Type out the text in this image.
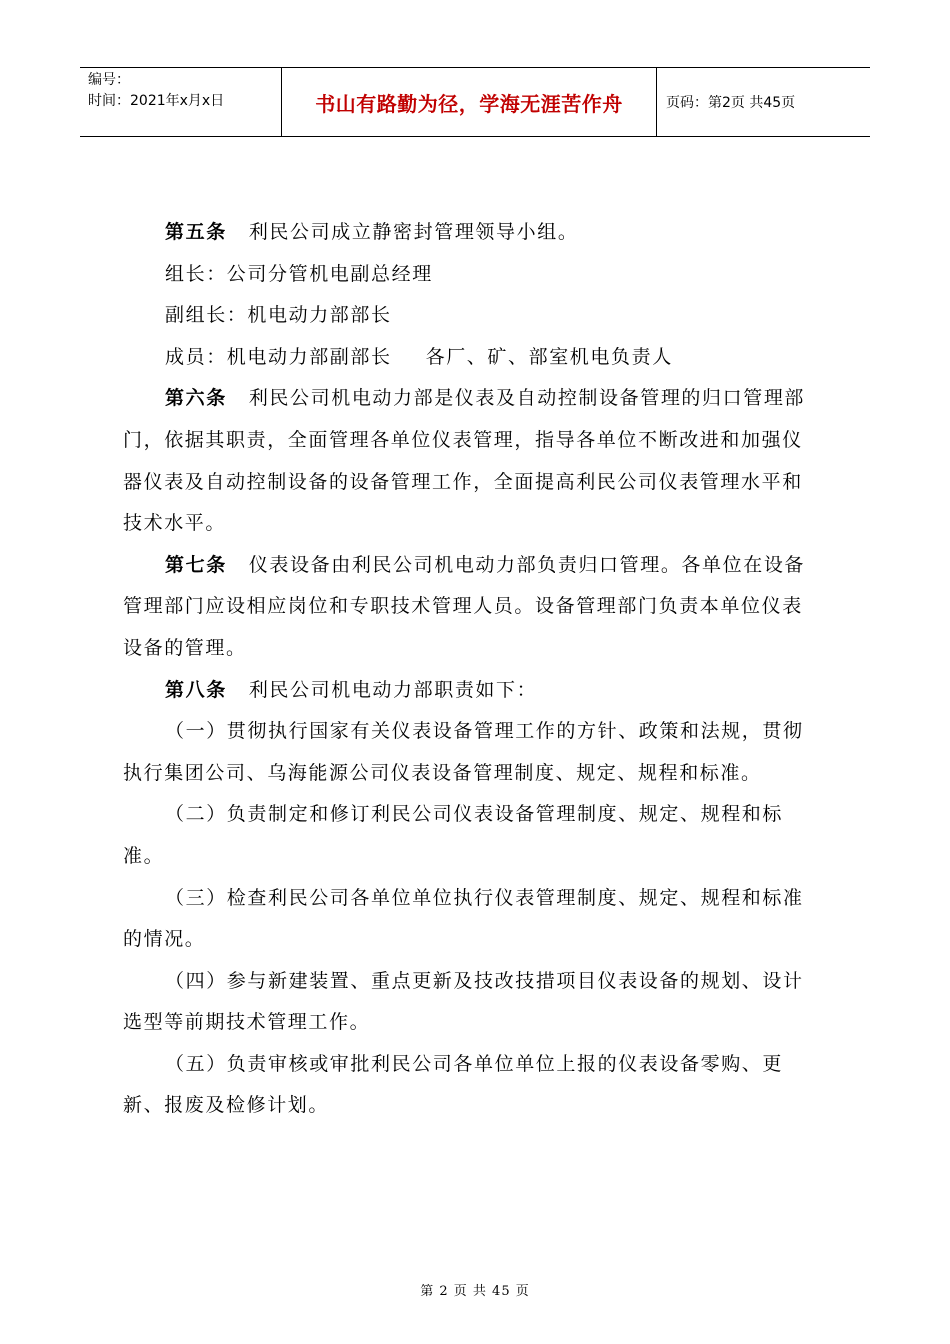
编号：
时间：2021年x月x日	书山有路勤为径，学海无涯苦作舟	页码：第2页 共45页

第五条 利民公司成立静密封管理领导小组。

组长：公司分管机电副总经理

副组长：机电动力部部长

成员：机电动力部副部长 各厂、矿、部室机电负责人

第六条 利民公司机电动力部是仪表及自动控制设备管理的归口管理部门，依据其职责，全面管理各单位仪表管理，指导各单位不断改进和加强仪器仪表及自动控制设备的设备管理工作，全面提高利民公司仪表管理水平和技术水平。

第七条 仪表设备由利民公司机电动力部负责归口管理。各单位在设备管理部门应设相应岗位和专职技术管理人员。设备管理部门负责本单位仪表设备的管理。

第八条 利民公司机电动力部职责如下：

（一）贯彻执行国家有关仪表设备管理工作的方针、政策和法规，贯彻执行集团公司、乌海能源公司仪表设备管理制度、规定、规程和标准。

（二）负责制定和修订利民公司仪表设备管理制度、规定、规程和标准。

（三）检查利民公司各单位单位执行仪表管理制度、规定、规程和标准的情况。

（四）参与新建装置、重点更新及技改技措项目仪表设备的规划、设计选型等前期技术管理工作。

（五）负责审核或审批利民公司各单位单位上报的仪表设备零购、更新、报废及检修计划。

第 2 页 共 45 页
